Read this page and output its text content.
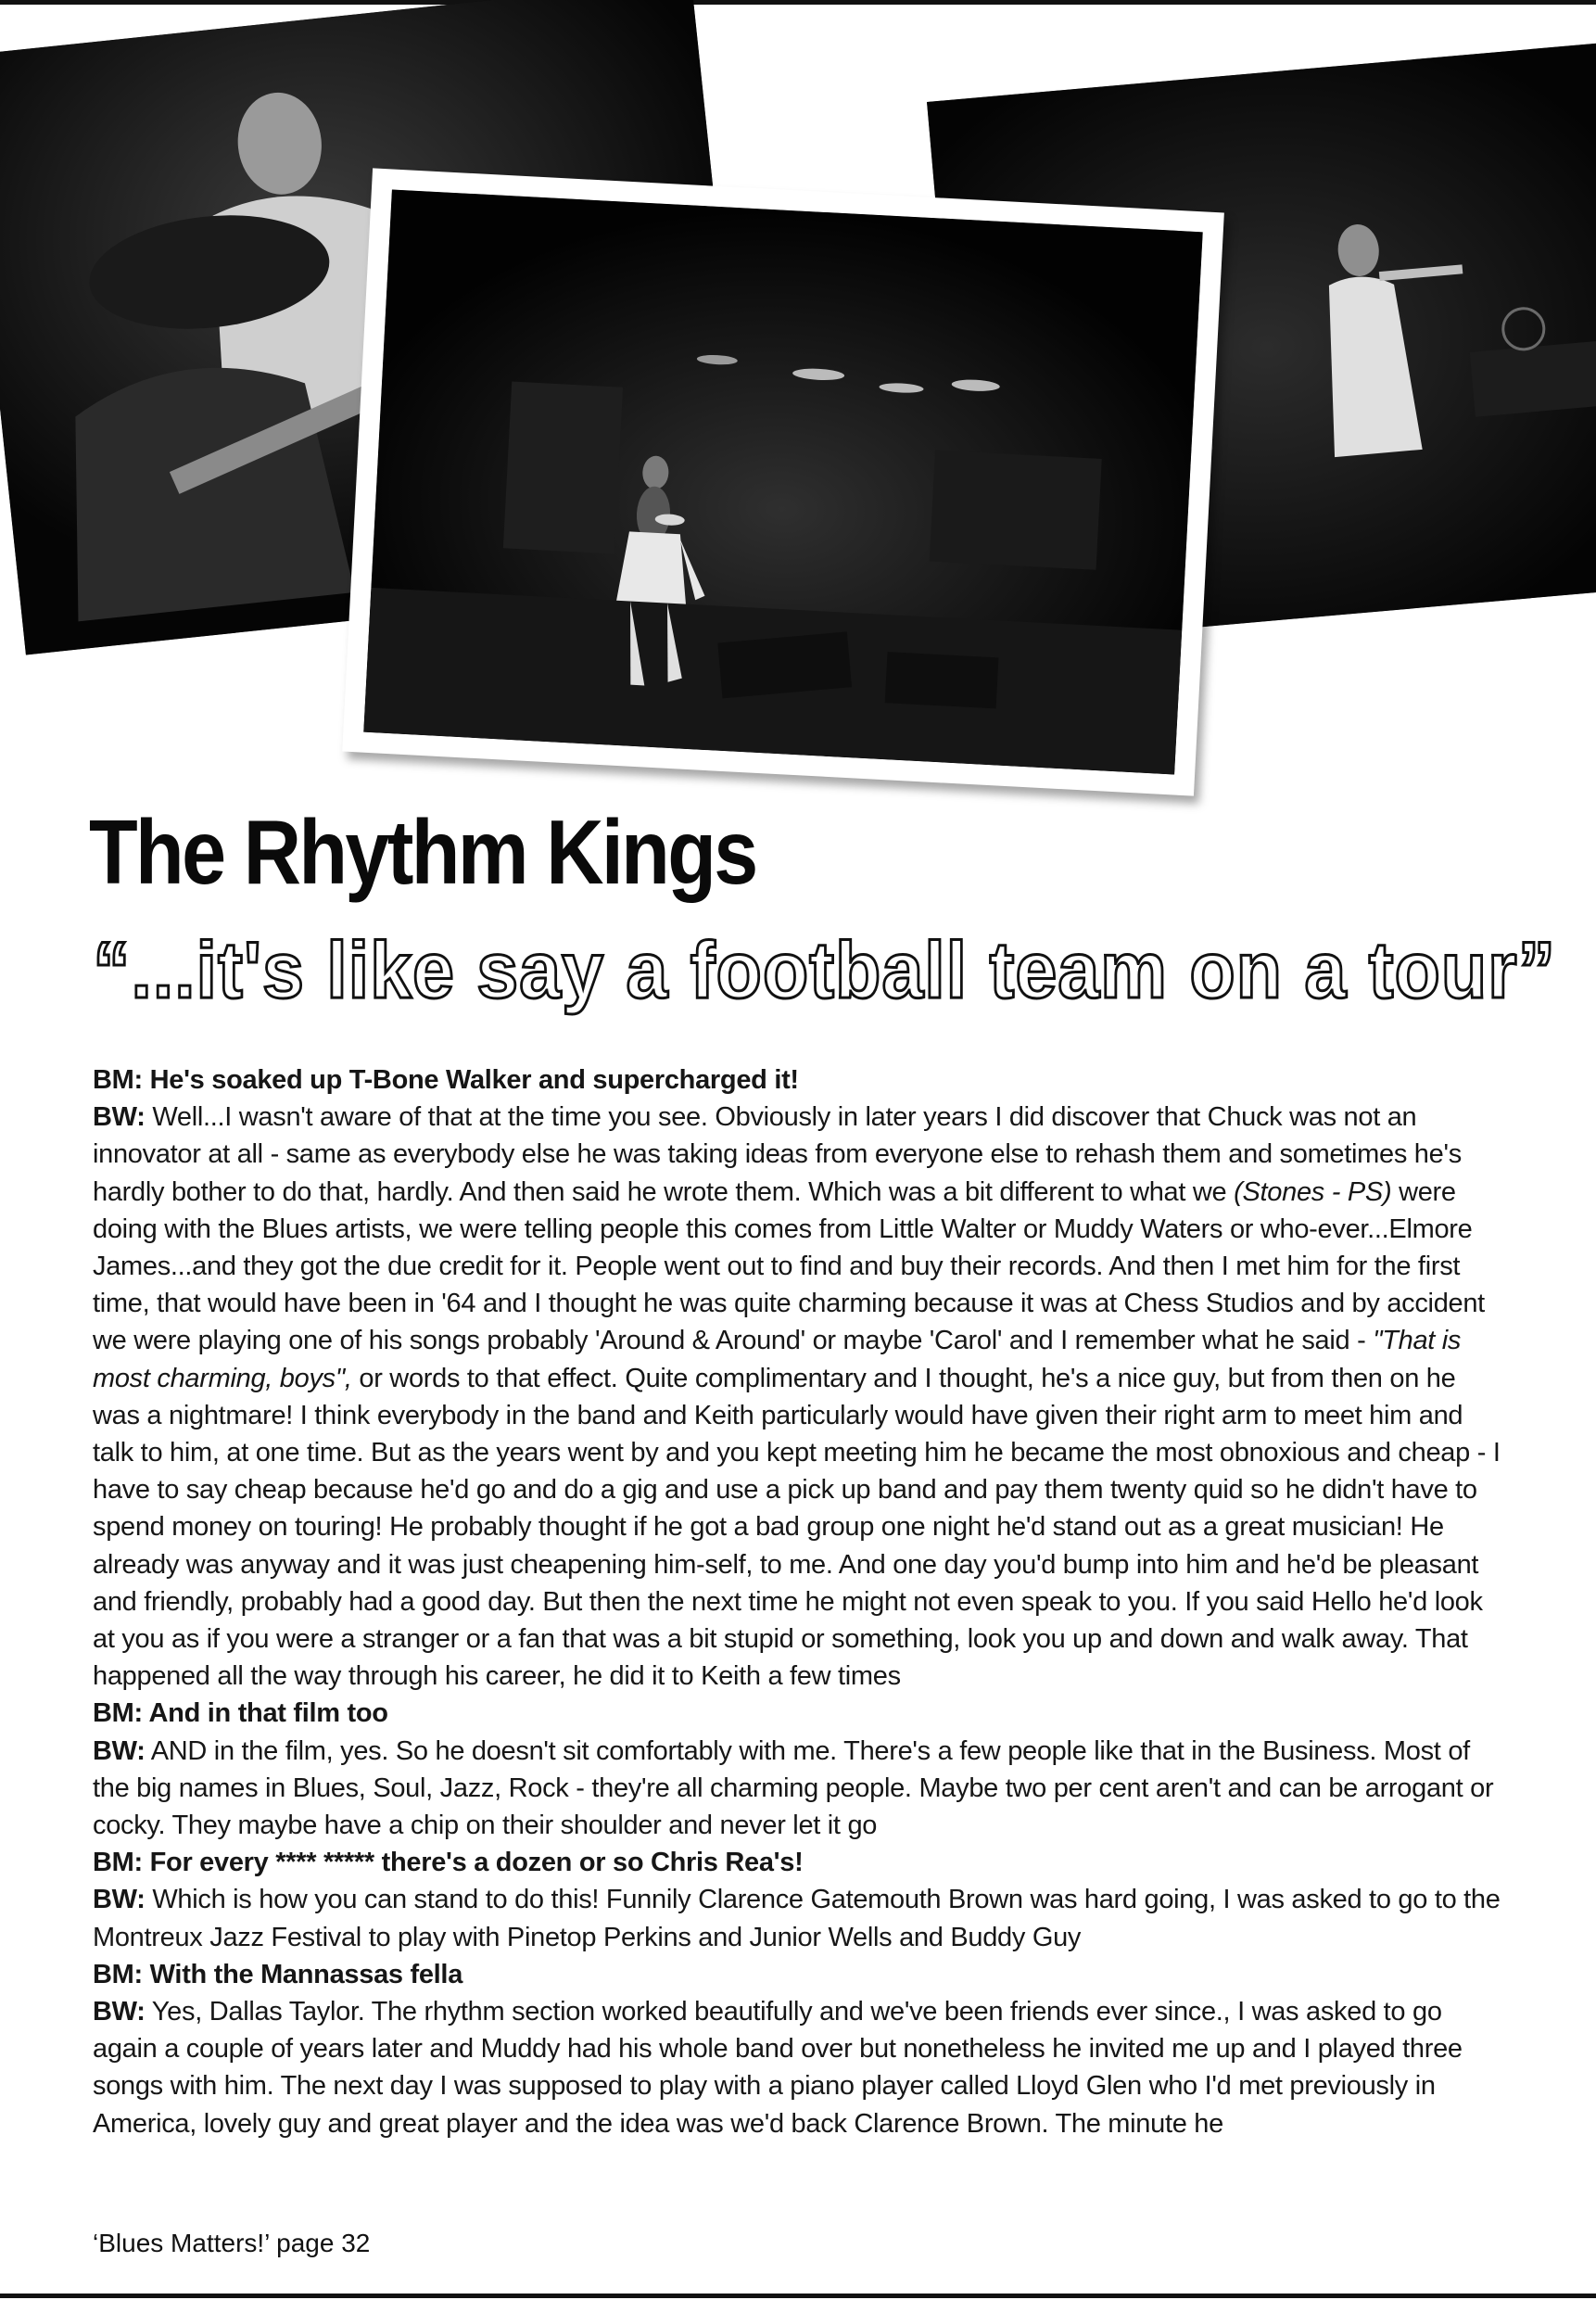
The Rhythm Kings
“...it's like say a football team on a tour”

BM: He's soaked up T-Bone Walker and supercharged it!

BW: Well...I wasn't aware of that at the time you see. Obviously in later years I did discover that Chuck was not an innovator at all - same as everybody else he was taking ideas from everyone else to rehash them and sometimes he's hardly bother to do that, hardly. And then said he wrote them. Which was a bit different to what we (Stones - PS) were doing with the Blues artists, we were telling people this comes from Little Walter or Muddy Waters or who-ever...Elmore James...and they got the due credit for it. People went out to find and buy their records. And then I met him for the first time, that would have been in '64 and I thought he was quite charming because it was at Chess Studios and by accident we were playing one of his songs probably 'Around & Around' or maybe 'Carol' and I remember what he said - "That is most charming, boys", or words to that effect. Quite complimentary and I thought, he's a nice guy, but from then on he was a nightmare! I think everybody in the band and Keith particularly would have given their right arm to meet him and talk to him, at one time. But as the years went by and you kept meeting him he became the most obnoxious and cheap - I have to say cheap because he'd go and do a gig and use a pick up band and pay them twenty quid so he didn't have to spend money on touring! He probably thought if he got a bad group one night he'd stand out as a great musician! He already was anyway and it was just cheapening him-self, to me. And one day you'd bump into him and he'd be pleasant and friendly, probably had a good day. But then the next time he might not even speak to you. If you said Hello he'd look at you as if you were a stranger or a fan that was a bit stupid or something, look you up and down and walk away. That happened all the way through his career, he did it to Keith a few times

BM: And in that film too

BW: AND in the film, yes. So he doesn't sit comfortably with me. There's a few people like that in the Business. Most of the big names in Blues, Soul, Jazz, Rock - they're all charming people. Maybe two per cent aren't and can be arrogant or cocky. They maybe have a chip on their shoulder and never let it go

BM: For every **** ***** there's a dozen or so Chris Rea's!

BW: Which is how you can stand to do this! Funnily Clarence Gatemouth Brown was hard going, I was asked to go to the Montreux Jazz Festival to play with Pinetop Perkins and Junior Wells and Buddy Guy

BM: With the Mannassas fella

BW: Yes, Dallas Taylor. The rhythm section worked beautifully and we've been friends ever since., I was asked to go again a couple of years later and Muddy had his whole band over but nonetheless he invited me up and I played three songs with him. The next day I was supposed to play with a piano player called Lloyd Glen who I'd met previously in America, lovely guy and great player and the idea was we'd back Clarence Brown. The minute he

‘Blues Matters!’ page 32
